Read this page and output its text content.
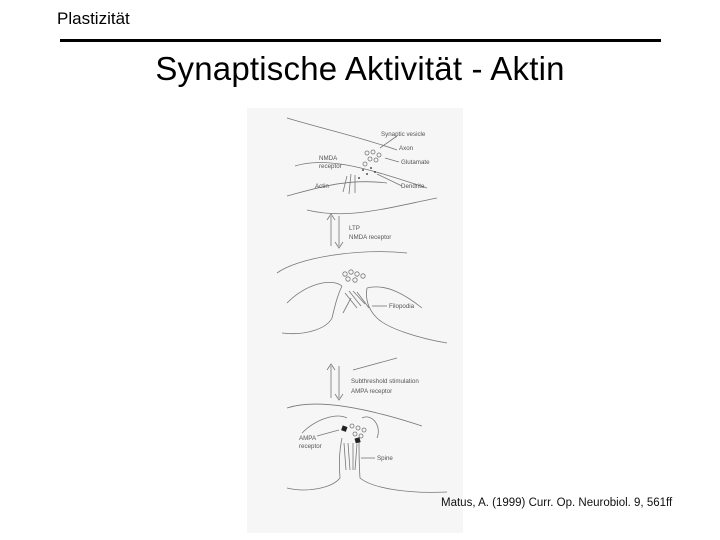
Plastizität
Synaptische Aktivität - Aktin
Synaptic vesicle
Axon
NMDA
receptor
Glutamate
Actin	Dendrite
LTP
NMDA receptor
Filopodia
Subthreshold stimulation
AMPA receptor
AMPA
receptor
Spine
Matus, A. (1999) Curr. Op. Neurobiol. 9, 561ff
